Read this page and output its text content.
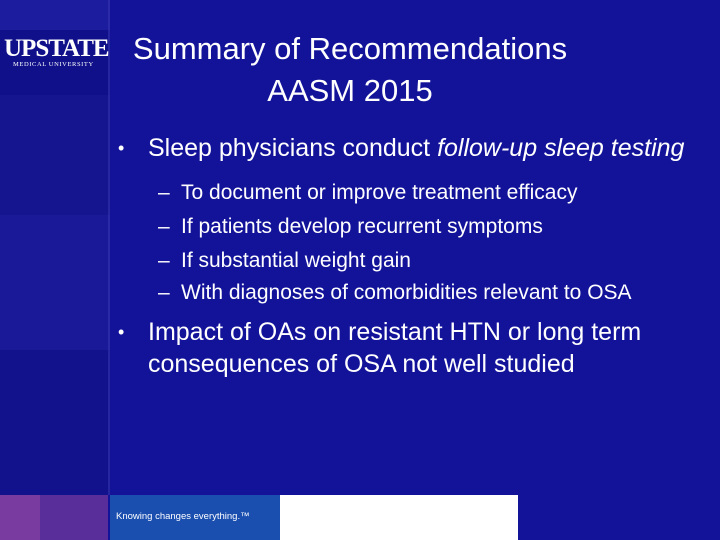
UPSTATE
MEDICAL UNIVERSITY Summary of Recommendations
AASM 2015
• Sleep physicians conduct follow-up sleep testing
– To document or improve treatment efficacy
– If patients develop recurrent symptoms
– If substantial weight gain
– With diagnoses of comorbidities relevant to OSA
• Impact of OAs on resistant HTN or long term consequences of OSA not well studied
Knowing changes everything.™
